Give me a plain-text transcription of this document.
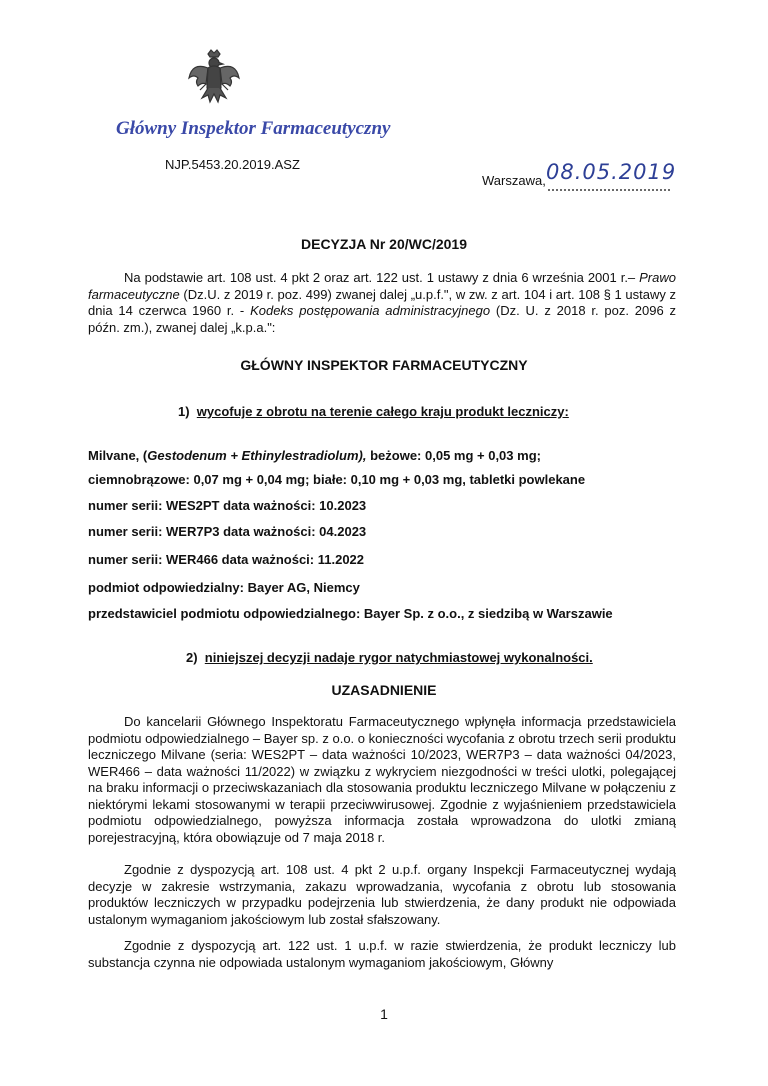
Główny Inspektor Farmaceutyczny
NJP.5453.20.2019.ASZ
Warszawa, 08.05.2019
DECYZJA Nr 20/WC/2019
Na podstawie art. 108 ust. 4 pkt 2 oraz art. 122 ust. 1 ustawy z dnia 6 września 2001 r.– Prawo farmaceutyczne (Dz.U. z 2019 r. poz. 499) zwanej dalej „u.p.f.", w zw. z art. 104 i art. 108 § 1 ustawy z dnia 14 czerwca 1960 r. - Kodeks postępowania administracyjnego (Dz. U. z 2018 r. poz. 2096 z późn. zm.), zwanej dalej „k.p.a.":
GŁÓWNY INSPEKTOR FARMACEUTYCZNY
1) wycofuje z obrotu na terenie całego kraju produkt leczniczy:
Milvane, (Gestodenum + Ethinylestradiolum), beżowe: 0,05 mg + 0,03 mg;
ciemnobrązowe: 0,07 mg + 0,04 mg; białe: 0,10 mg + 0,03 mg, tabletki powlekane
numer serii: WES2PT data ważności: 10.2023
numer serii: WER7P3 data ważności: 04.2023
numer serii: WER466 data ważności: 11.2022
podmiot odpowiedzialny: Bayer AG, Niemcy
przedstawiciel podmiotu odpowiedzialnego: Bayer Sp. z o.o., z siedzibą w Warszawie
2) niniejszej decyzji nadaje rygor natychmiastowej wykonalności.
UZASADNIENIE
Do kancelarii Głównego Inspektoratu Farmaceutycznego wpłynęła informacja przedstawiciela podmiotu odpowiedzialnego – Bayer sp. z o.o. o konieczności wycofania z obrotu trzech serii produktu leczniczego Milvane (seria: WES2PT – data ważności 10/2023, WER7P3 – data ważności 04/2023, WER466 – data ważności 11/2022) w związku z wykryciem niezgodności w treści ulotki, polegającej na braku informacji o przeciwskazaniach dla stosowania produktu leczniczego Milvane w połączeniu z niektórymi lekami stosowanymi w terapii przeciwwirusowej. Zgodnie z wyjaśnieniem przedstawiciela podmiotu odpowiedzialnego, powyższa informacja została wprowadzona do ulotki zmianą porejestracyjną, która obowiązuje od 7 maja 2018 r.
Zgodnie z dyspozycją art. 108 ust. 4 pkt 2 u.p.f. organy Inspekcji Farmaceutycznej wydają decyzje w zakresie wstrzymania, zakazu wprowadzania, wycofania z obrotu lub stosowania produktów leczniczych w przypadku podejrzenia lub stwierdzenia, że dany produkt nie odpowiada ustalonym wymaganiom jakościowym lub został sfałszowany.
Zgodnie z dyspozycją art. 122 ust. 1 u.p.f. w razie stwierdzenia, że produkt leczniczy lub substancja czynna nie odpowiada ustalonym wymaganiom jakościowym, Główny
1
